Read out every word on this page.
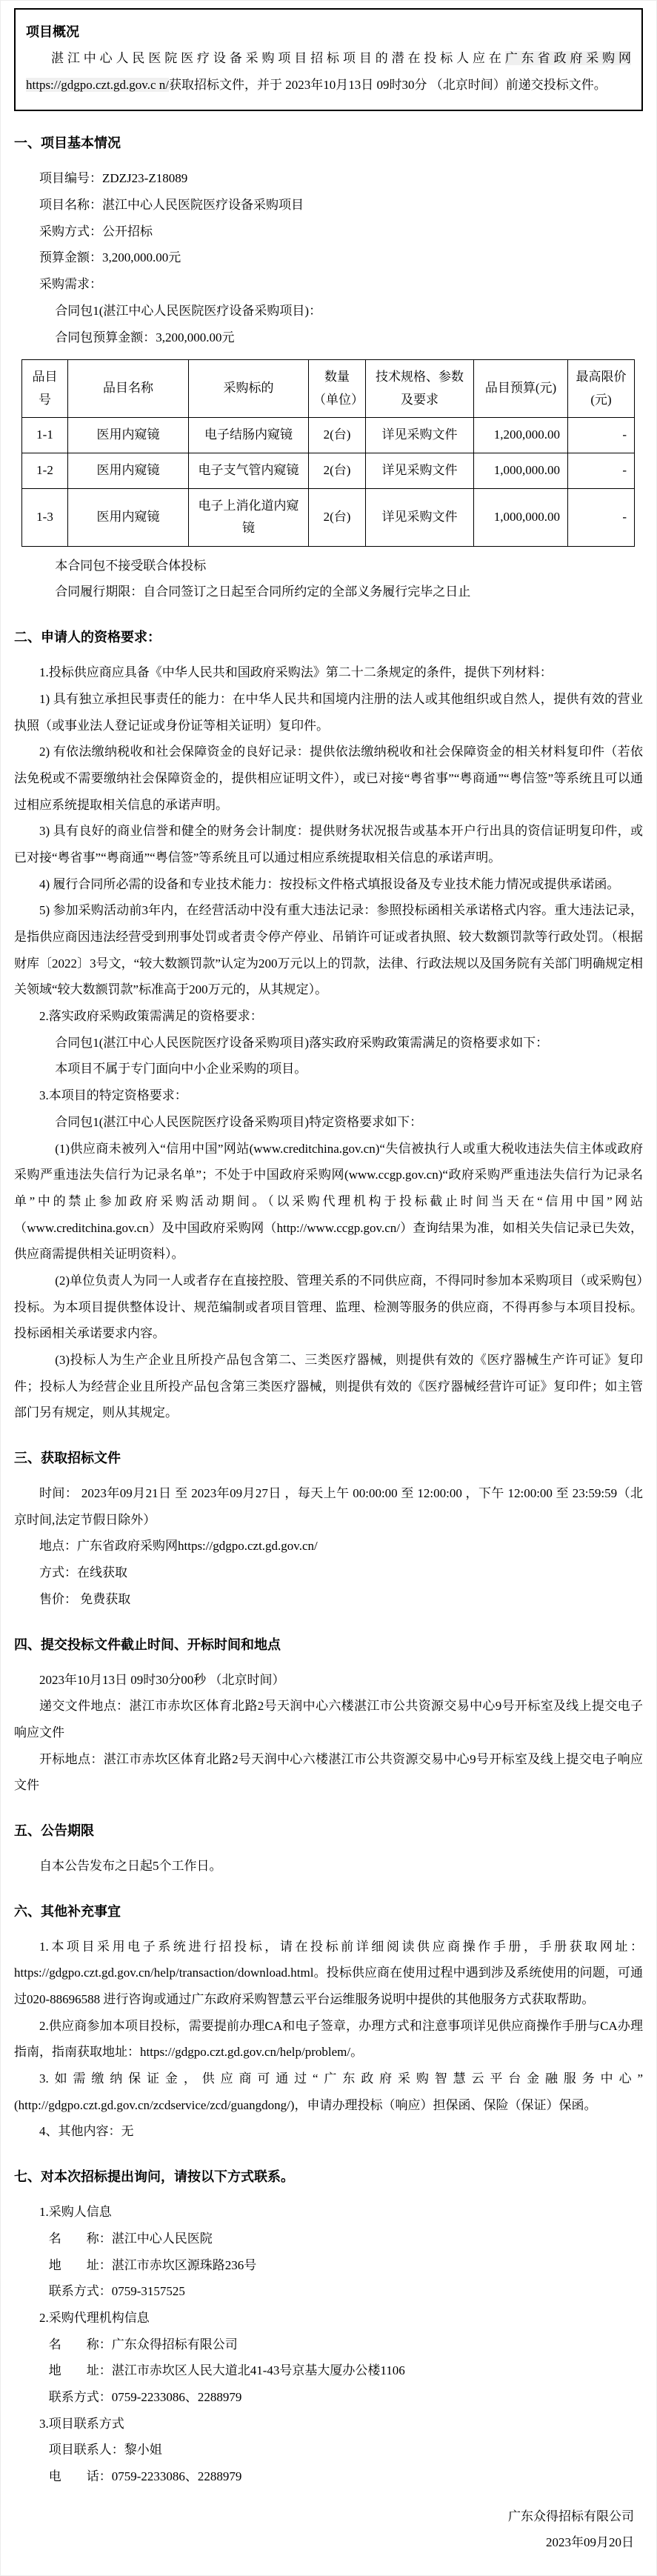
项目概况

湛江中心人民医院医疗设备采购项目招标项目的潜在投标人应在广东省政府采购网https://gdgpo.czt.gd.gov.c n/获取招标文件，并于 2023年10月13日 09时30分 （北京时间）前递交投标文件。

一、项目基本情况

项目编号：ZDZJ23-Z18089

项目名称：湛江中心人民医院医疗设备采购项目

采购方式：公开招标

预算金额：3,200,000.00元

采购需求：

合同包1(湛江中心人民医院医疗设备采购项目)：

合同包预算金额：3,200,000.00元

品目号	品目名称	采购标的	数量（单位）	技术规格、参数及要求	品目预算(元)	最高限价(元)
1-1	医用内窥镜	电子结肠内窥镜	2(台)	详见采购文件	1,200,000.00	-
1-2	医用内窥镜	电子支气管内窥镜	2(台)	详见采购文件	1,000,000.00	-
1-3	医用内窥镜	电子上消化道内窥镜	2(台)	详见采购文件	1,000,000.00	-

本合同包不接受联合体投标

合同履行期限：自合同签订之日起至合同所约定的全部义务履行完毕之日止

二、申请人的资格要求：

1.投标供应商应具备《中华人民共和国政府采购法》第二十二条规定的条件，提供下列材料：

1) 具有独立承担民事责任的能力：在中华人民共和国境内注册的法人或其他组织或自然人，提供有效的营业执照（或事业法人登记证或身份证等相关证明）复印件。

2) 有依法缴纳税收和社会保障资金的良好记录：提供依法缴纳税收和社会保障资金的相关材料复印件（若依法免税或不需要缴纳社会保障资金的，提供相应证明文件），或已对接“粤省事”“粤商通”“粤信签”等系统且可以通过相应系统提取相关信息的承诺声明。

3) 具有良好的商业信誉和健全的财务会计制度：提供财务状况报告或基本开户行出具的资信证明复印件，或已对接“粤省事”“粤商通”“粤信签”等系统且可以通过相应系统提取相关信息的承诺声明。

4) 履行合同所必需的设备和专业技术能力：按投标文件格式填报设备及专业技术能力情况或提供承诺函。

5) 参加采购活动前3年内，在经营活动中没有重大违法记录：参照投标函相关承诺格式内容。重大违法记录，是指供应商因违法经营受到刑事处罚或者责令停产停业、吊销许可证或者执照、较大数额罚款等行政处罚。（根据财库〔2022〕3号文，“较大数额罚款”认定为200万元以上的罚款，法律、行政法规以及国务院有关部门明确规定相关领域“较大数额罚款”标准高于200万元的，从其规定）。

2.落实政府采购政策需满足的资格要求：

合同包1(湛江中心人民医院医疗设备采购项目)落实政府采购政策需满足的资格要求如下：

本项目不属于专门面向中小企业采购的项目。

3.本项目的特定资格要求：

合同包1(湛江中心人民医院医疗设备采购项目)特定资格要求如下：

(1)供应商未被列入“信用中国”网站(www.creditchina.gov.cn)“失信被执行人或重大税收违法失信主体或政府采购严重违法失信行为记录名单”；不处于中国政府采购网(www.ccgp.gov.cn)“政府采购严重违法失信行为记录名单”中的禁止参加政府采购活动期间。（以采购代理机构于投标截止时间当天在“信用中国”网站（www.creditchina.gov.cn）及中国政府采购网（http://www.ccgp.gov.cn/）查询结果为准，如相关失信记录已失效，供应商需提供相关证明资料）。

(2)单位负责人为同一人或者存在直接控股、管理关系的不同供应商，不得同时参加本采购项目（或采购包）投标。为本项目提供整体设计、规范编制或者项目管理、监理、检测等服务的供应商，不得再参与本项目投标。投标函相关承诺要求内容。

(3)投标人为生产企业且所投产品包含第二、三类医疗器械，则提供有效的《医疗器械生产许可证》复印件；投标人为经营企业且所投产品包含第三类医疗器械，则提供有效的《医疗器械经营许可证》复印件；如主管部门另有规定，则从其规定。

三、获取招标文件

时间： 2023年09月21日 至 2023年09月27日 ，每天上午 00:00:00 至 12:00:00 ，下午 12:00:00 至 23:59:59（北京时间,法定节假日除外）

地点：广东省政府采购网https://gdgpo.czt.gd.gov.cn/

方式：在线获取

售价： 免费获取

四、提交投标文件截止时间、开标时间和地点

2023年10月13日 09时30分00秒 （北京时间）

递交文件地点：湛江市赤坎区体育北路2号天润中心六楼湛江市公共资源交易中心9号开标室及线上提交电子响应文件

开标地点：湛江市赤坎区体育北路2号天润中心六楼湛江市公共资源交易中心9号开标室及线上提交电子响应文件

五、公告期限

自本公告发布之日起5个工作日。

六、其他补充事宜

1.本项目采用电子系统进行招投标，请在投标前详细阅读供应商操作手册，手册获取网址：https://gdgpo.czt.gd.gov.cn/help/transaction/download.html。投标供应商在使用过程中遇到涉及系统使用的问题，可通过020-88696588 进行咨询或通过广东政府采购智慧云平台运维服务说明中提供的其他服务方式获取帮助。

2.供应商参加本项目投标，需要提前办理CA和电子签章，办理方式和注意事项详见供应商操作手册与CA办理指南，指南获取地址：https://gdgpo.czt.gd.gov.cn/help/problem/。

3.如需缴纳保证金，供应商可通过“广东政府采购智慧云平台金融服务中心”(http://gdgpo.czt.gd.gov.cn/zcdservice/zcd/guangdong/)，申请办理投标（响应）担保函、保险（保证）保函。

4、其他内容：无

七、对本次招标提出询问，请按以下方式联系。

1.采购人信息

名　　称：湛江中心人民医院

地　　址：湛江市赤坎区源珠路236号

联系方式：0759-3157525

2.采购代理机构信息

名　　称：广东众得招标有限公司

地　　址：湛江市赤坎区人民大道北41-43号京基大厦办公楼1106

联系方式：0759-2233086、2288979

3.项目联系方式

项目联系人：黎小姐

电　　话：0759-2233086、2288979

广东众得招标有限公司

2023年09月20日
